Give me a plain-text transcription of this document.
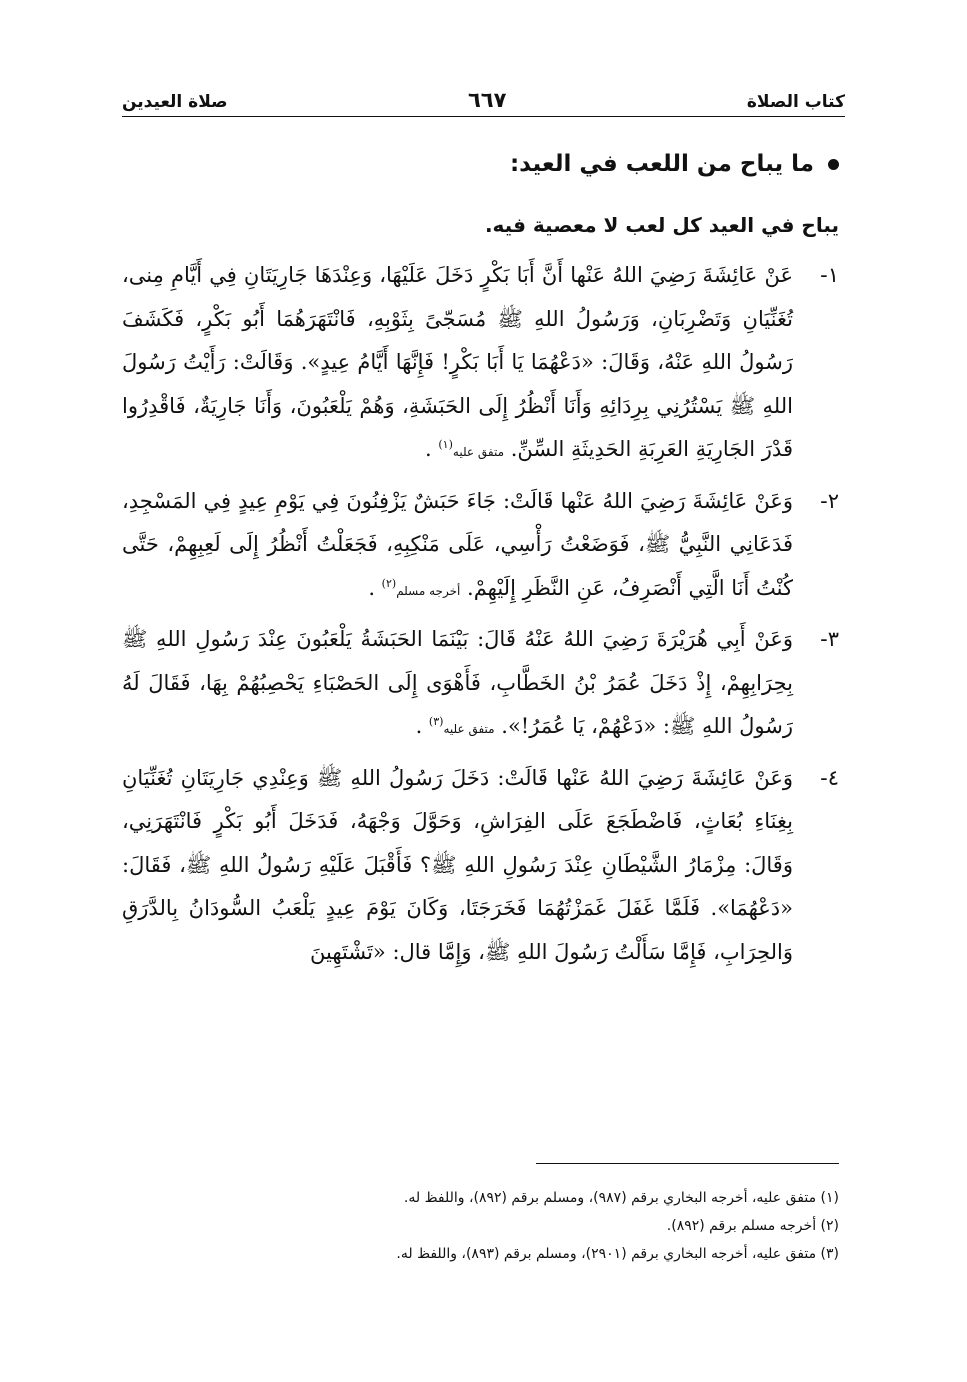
كتاب الصلاة
٦٦٧
صلاة العيدين

ما يباح من اللعب في العيد:

يباح في العيد كل لعب لا معصية فيه.

١-
عَنْ عَائِشَةَ رَضِيَ اللهُ عَنْها أَنَّ أَبَا بَكْرٍ دَخَلَ عَلَيْهَا، وَعِنْدَهَا جَارِيَتَانِ فِي أَيَّامِ مِنى، تُغَنِّيَانِ وَتَضْرِبَانِ، وَرَسُولُ اللهِ ﷺ مُسَجّىً بِثَوْبِهِ، فَانْتَهَرَهُمَا أَبُو بَكْرٍ، فَكَشَفَ رَسُولُ اللهِ عَنْهُ، وَقَالَ: «دَعْهُمَا يَا أَبَا بَكْرٍ! فَإِنَّهَا أَيَّامُ عِيدٍ». وَقَالَتْ: رَأَيْتُ رَسُولَ اللهِ ﷺ يَسْتُرُنِي بِرِدَائِهِ وَأَنَا أَنْظُرُ إِلَى الحَبَشَةِ، وَهُمْ يَلْعَبُونَ، وَأَنَا جَارِيَةٌ، فَاقْدِرُوا قَدْرَ الجَارِيَةِ العَرِبَةِ الحَدِيثَةِ السِّنِّ. متفق عليه$^{(١)}$ .

٢-
وَعَنْ عَائِشَةَ رَضِيَ اللهُ عَنْها قَالَتْ: جَاءَ حَبَشٌ يَزْفِنُونَ فِي يَوْمِ عِيدٍ فِي المَسْجِدِ، فَدَعَانِي النَّبِيُّ ﷺ، فَوَضَعْتُ رَأْسِي، عَلَى مَنْكِبِهِ، فَجَعَلْتُ أَنْظُرُ إِلَى لَعِبِهِمْ، حَتَّى كُنْتُ أَنَا الَّتِي أَنْصَرِفُ، عَنِ النَّظَرِ إِلَيْهِمْ. أخرجه مسلم$^{(٢)}$ .

٣-
وَعَنْ أَبِي هُرَيْرَةَ رَضِيَ اللهُ عَنْهُ قَالَ: بَيْنَمَا الحَبَشَةُ يَلْعَبُونَ عِنْدَ رَسُولِ اللهِ ﷺ بِحِرَابِهِمْ، إِذْ دَخَلَ عُمَرُ بْنُ الخَطَّابِ، فَأَهْوَى إِلَى الحَصْبَاءِ يَحْصِبُهُمْ بِهَا، فَقَالَ لَهُ رَسُولُ اللهِ ﷺ: «دَعْهُمْ، يَا عُمَرُ!». متفق عليه$^{(٣)}$ .

٤-
وَعَنْ عَائِشَةَ رَضِيَ اللهُ عَنْها قَالَتْ: دَخَلَ رَسُولُ اللهِ ﷺ وَعِنْدِي جَارِيَتَانِ تُغَنِّيَانِ بِغِنَاءِ بُعَاثٍ، فَاضْطَجَعَ عَلَى الفِرَاشِ، وَحَوَّلَ وَجْهَهُ، فَدَخَلَ أَبُو بَكْرٍ فَانْتَهَرَنِي، وَقَالَ: مِزْمَارُ الشَّيْطَانِ عِنْدَ رَسُولِ اللهِ ﷺ؟ فَأَقْبَلَ عَلَيْهِ رَسُولُ اللهِ ﷺ، فَقَالَ: «دَعْهُمَا». فَلَمَّا غَفَلَ غَمَزْتُهُمَا فَخَرَجَتَا، وَكَانَ يَوْمَ عِيدٍ يَلْعَبُ السُّودَانُ بِالدَّرَقِ وَالحِرَابِ، فَإِمَّا سَأَلْتُ رَسُولَ اللهِ ﷺ، وَإِمَّا قال: «تَشْتَهِينَ

(١) متفق عليه، أخرجه البخاري برقم (٩٨٧)، ومسلم برقم (٨٩٢)، واللفظ له.

(٢) أخرجه مسلم برقم (٨٩٢).

(٣) متفق عليه، أخرجه البخاري برقم (٢٩٠١)، ومسلم برقم (٨٩٣)، واللفظ له.
